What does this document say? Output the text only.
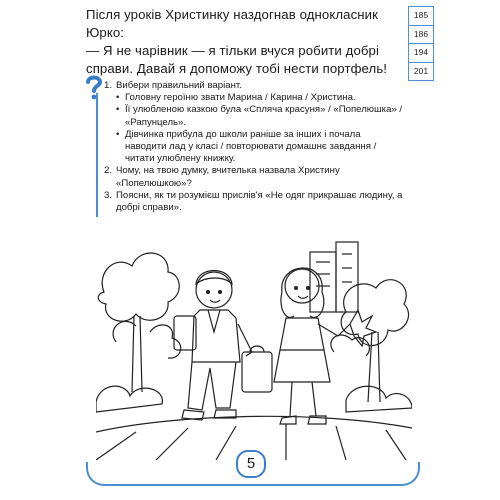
Після уроків Христинку наздогнав однокласник

Юрко:

— Я не чарівник — я тільки вчуся робити добрі

справи. Давай я допоможу тобі нести портфель!

185
186
194
201
1. Вибери правильний варіант.
• Головну героїню звати Марина / Карина / Христина.
• Її улюбленою казкою була «Сплячa красуня» / «Попелюшка» / «Рапунцель».
• Дівчинка прибула до школи раніше за інших і почала наводити лад у класі / повторювати домашнє завдання / читати улюблену книжку.
2. Чому, на твою думку, вчителька назвала Христину «Попелюшкою»?
3. Поясни, як ти розумієш прислів'я «Не одяг прикрашає людину, а добрі справи».
5
